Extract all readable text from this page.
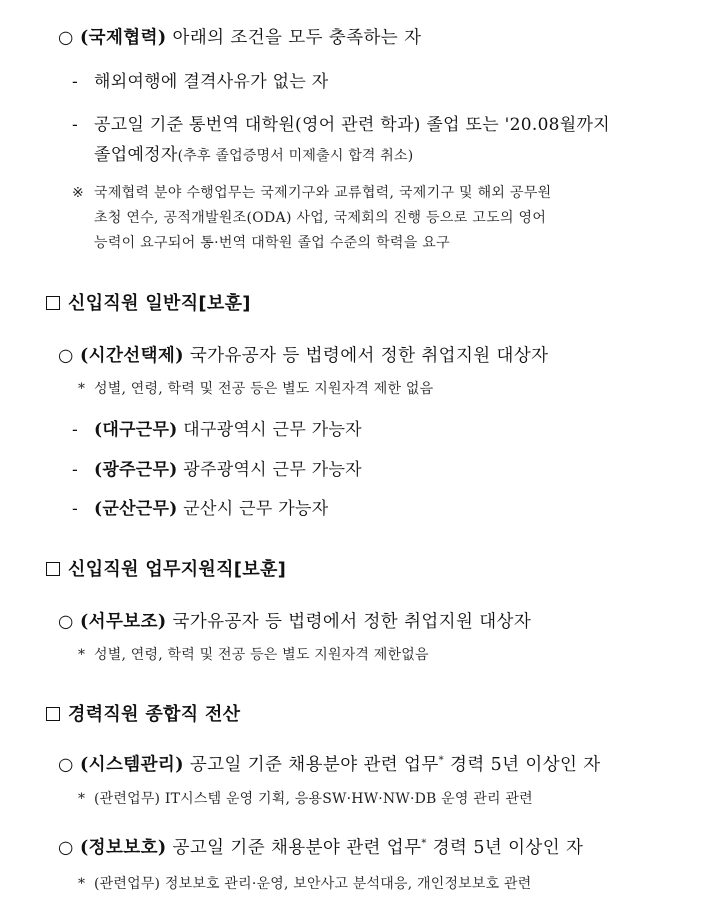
○ (국제협력) 아래의 조건을 모두 충족하는 자
- 해외여행에 결격사유가 없는 자
- 공고일 기준 통번역 대학원(영어 관련 학과) 졸업 또는 '20.08월까지
졸업예정자(추후 졸업증명서 미제출시 합격 취소)
※ 국제협력 분야 수행업무는 국제기구와 교류협력, 국제기구 및 해외 공무원
초청 연수, 공적개발원조(ODA) 사업, 국제회의 진행 등으로 고도의 영어
능력이 요구되어 통·번역 대학원 졸업 수준의 학력을 요구
신입직원 일반직[보훈]
○ (시간선택제) 국가유공자 등 법령에서 정한 취업지원 대상자
* 성별, 연령, 학력 및 전공 등은 별도 지원자격 제한 없음
- (대구근무) 대구광역시 근무 가능자
- (광주근무) 광주광역시 근무 가능자
- (군산근무) 군산시 근무 가능자
신입직원 업무지원직[보훈]
○ (서무보조) 국가유공자 등 법령에서 정한 취업지원 대상자
* 성별, 연령, 학력 및 전공 등은 별도 지원자격 제한없음
경력직원 종합직 전산
○ (시스템관리) 공고일 기준 채용분야 관련 업무* 경력 5년 이상인 자
* (관련업무) IT시스템 운영 기획, 응용SW·HW·NW·DB 운영 관리 관련
○ (정보보호) 공고일 기준 채용분야 관련 업무* 경력 5년 이상인 자
* (관련업무) 정보보호 관리·운영, 보안사고 분석대응, 개인정보보호 관련
